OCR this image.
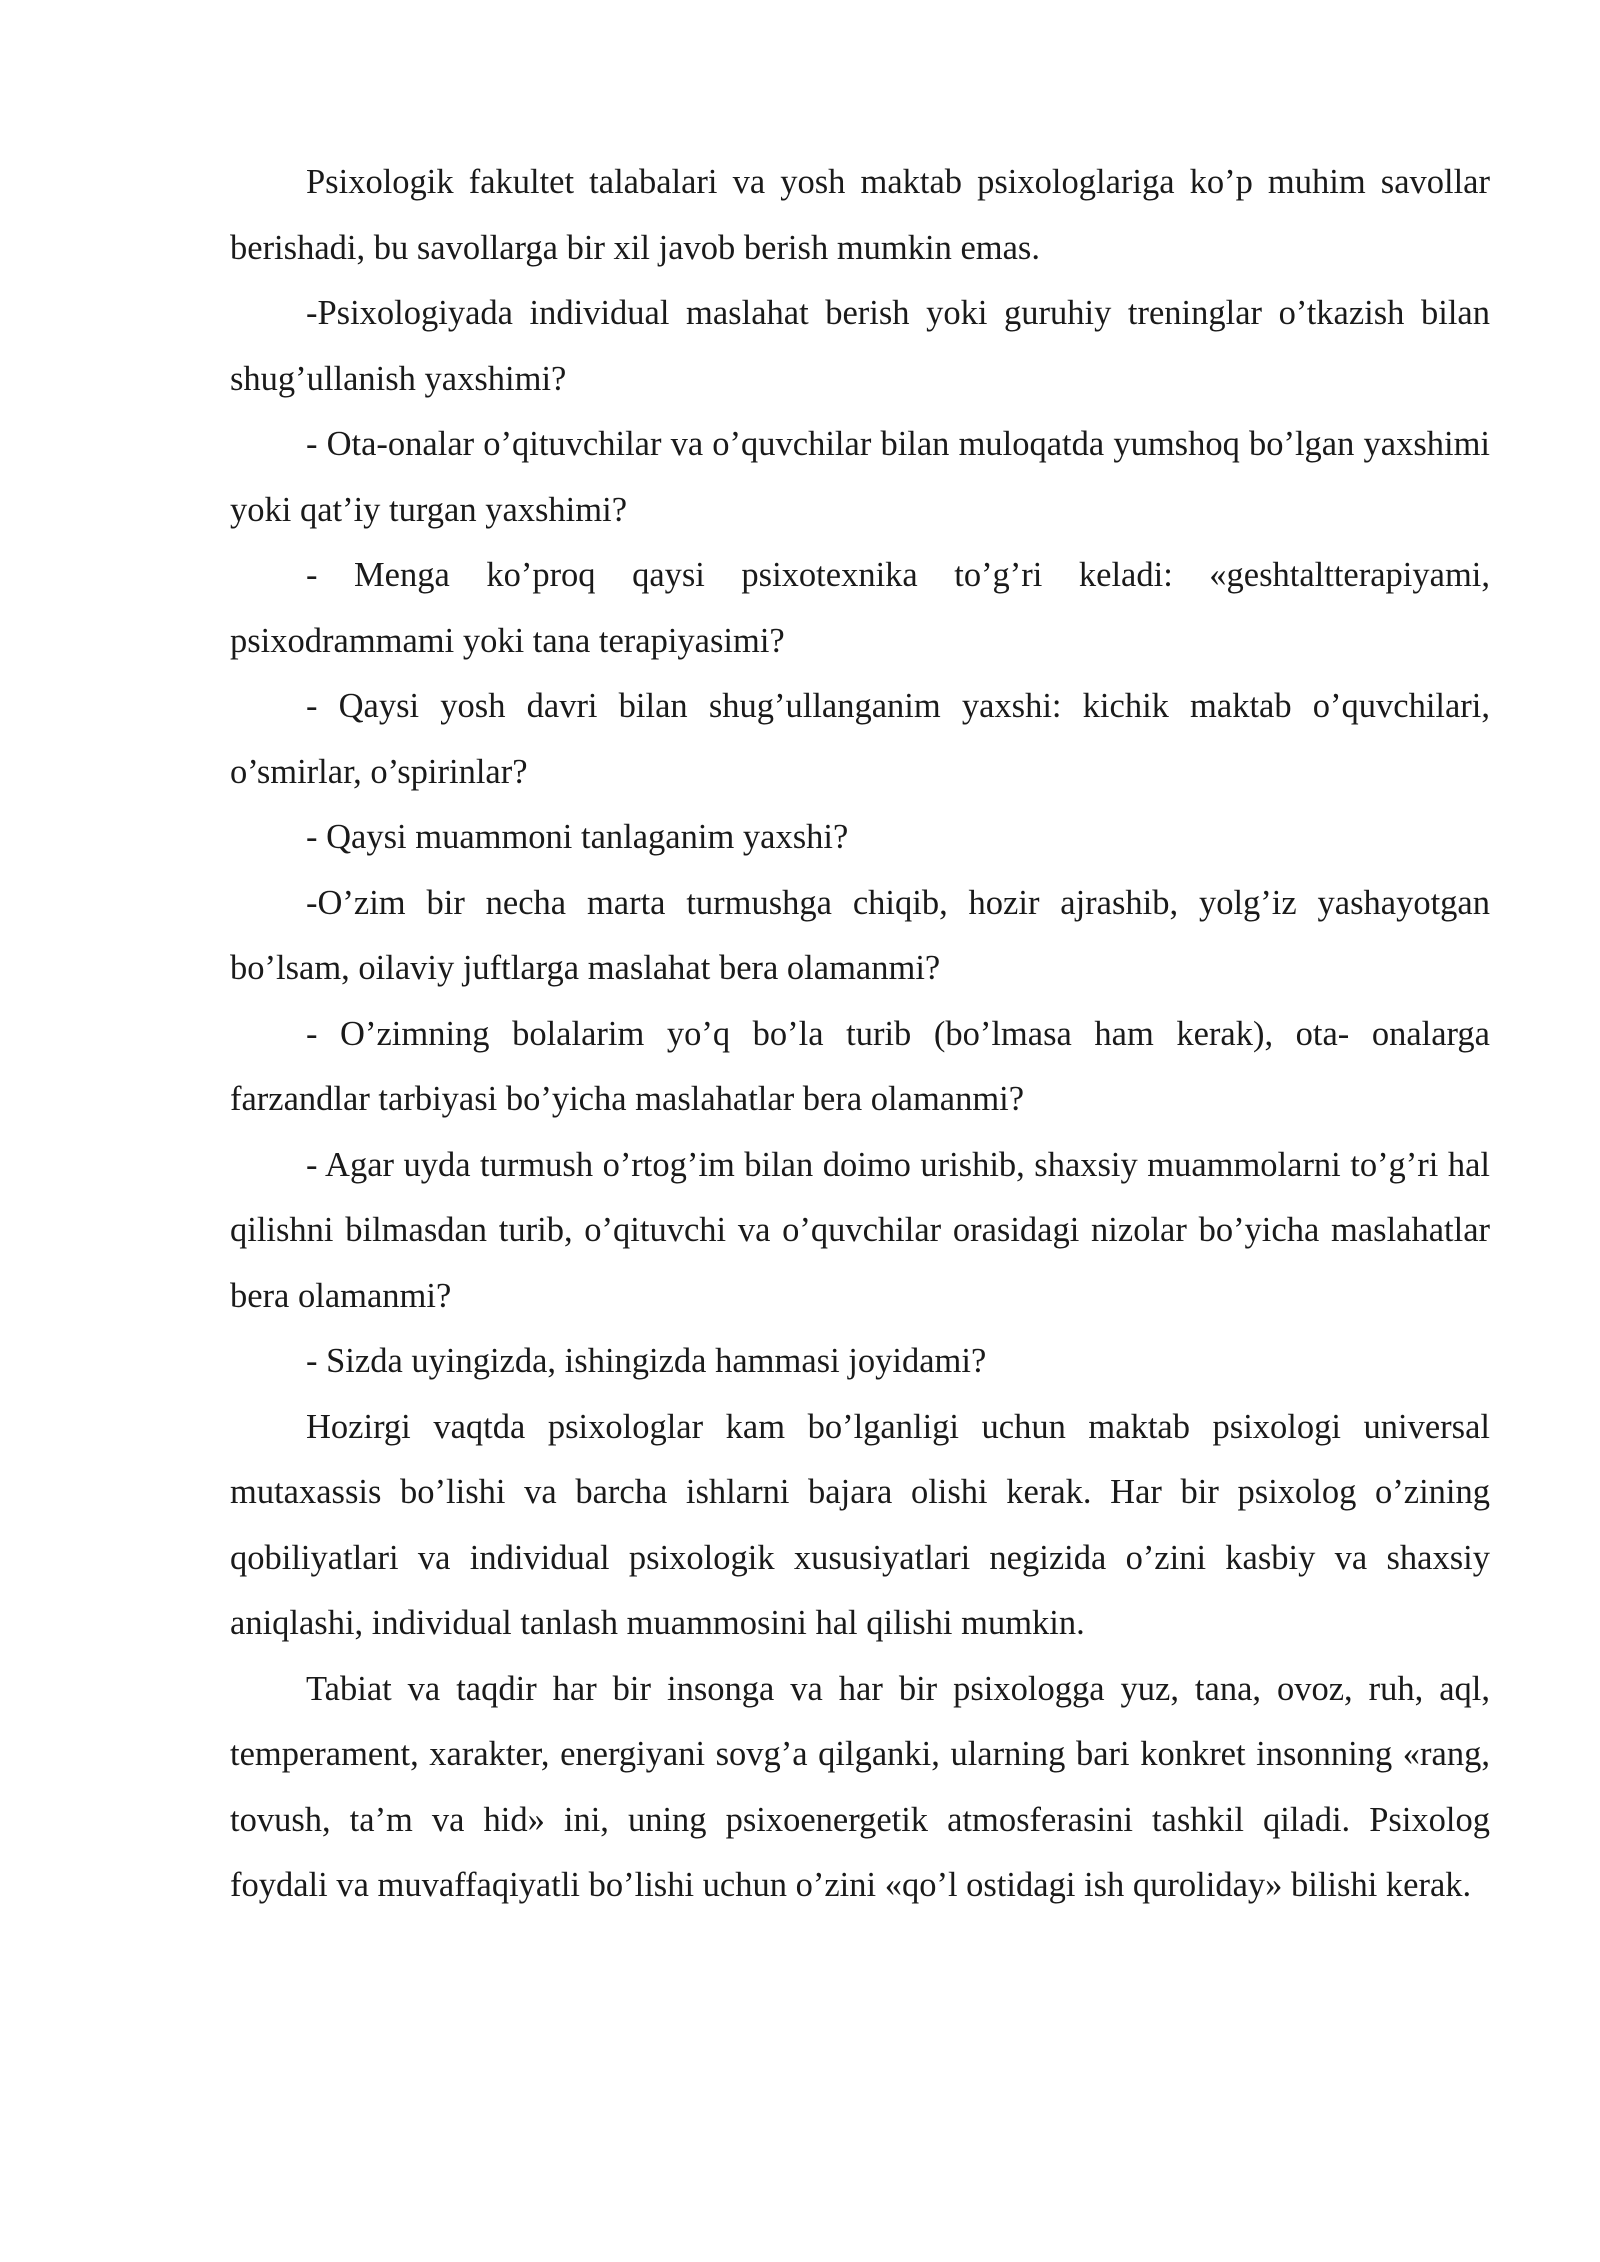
Psixologik fakultet talabalari va yosh maktab psixologlariga ko’p muhim savollar berishadi, bu savollarga bir xil javob berish mumkin emas.

-Psixologiyada individual maslahat berish yoki guruhiy treninglar o’tkazish bilan shug’ullanish yaxshimi?

- Ota-onalar o’qituvchilar va o’quvchilar bilan muloqatda yumshoq bo’lgan yaxshimi yoki qat’iy turgan yaxshimi?

- Menga ko’proq qaysi psixotexnika to’g’ri keladi: «geshtaltterapiyami, psixodrammami yoki tana terapiyasimi?

- Qaysi yosh davri bilan shug’ullanganim yaxshi: kichik maktab o’quvchilari, o’smirlar, o’spirinlar?

- Qaysi muammoni tanlaganim yaxshi?

-O’zim bir necha marta turmushga chiqib, hozir ajrashib, yolg’iz yashayotgan bo’lsam, oilaviy juftlarga maslahat bera olamanmi?

- O’zimning bolalarim yo’q bo’la turib (bo’lmasa ham kerak), ota- onalarga farzandlar tarbiyasi bo’yicha maslahatlar bera olamanmi?

- Agar uyda turmush o’rtog’im bilan doimo urishib, shaxsiy muammolarni to’g’ri hal qilishni bilmasdan turib, o’qituvchi va o’quvchilar orasidagi nizolar bo’yicha maslahatlar bera olamanmi?

- Sizda uyingizda, ishingizda hammasi joyidami?

Hozirgi vaqtda psixologlar kam bo’lganligi uchun maktab psixologi universal mutaxassis bo’lishi va barcha ishlarni bajara olishi kerak. Har bir psixolog o’zining qobiliyatlari va individual psixologik xususiyatlari negizida o’zini kasbiy va shaxsiy aniqlashi, individual tanlash muammosini hal qilishi mumkin.

Tabiat va taqdir har bir insonga va har bir psixologga yuz, tana, ovoz, ruh, aql, temperament, xarakter, energiyani sovg’a qilganki, ularning bari konkret insonning «rang, tovush, ta’m va hid» ini, uning psixoenergetik atmosferasini tashkil qiladi. Psixolog foydali va muvaffaqiyatli bo’lishi uchun o’zini «qo’l ostidagi ish quroliday» bilishi kerak.
